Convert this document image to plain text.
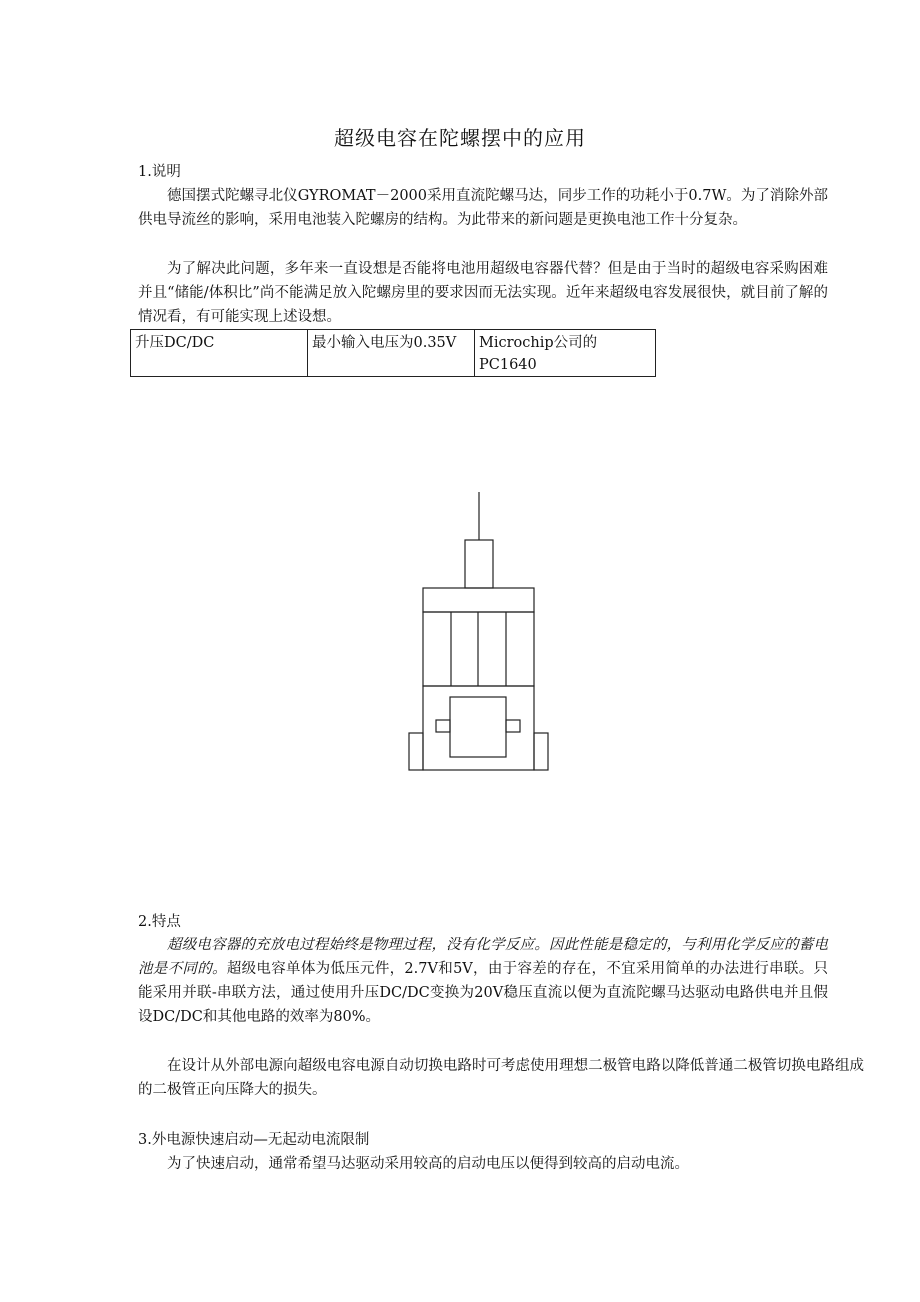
超级电容在陀螺摆中的应用
1.说明

德国摆式陀螺寻北仪GYROMAT－2000采用直流陀螺马达，同步工作的功耗小于0.7W。为了消除外部供电导流丝的影响，采用电池装入陀螺房的结构。为此带来的新问题是更换电池工作十分复杂。

为了解决此问题，多年来一直设想是否能将电池用超级电容器代替？但是由于当时的超级电容采购困难并且“储能/体积比”尚不能满足放入陀螺房里的要求因而无法实现。近年来超级电容发展很快，就目前了解的情况看，有可能实现上述设想。

升压DC/DC	最小输入电压为0.35V	Microchip公司的PC1640
2.特点

超级电容器的充放电过程始终是物理过程，没有化学反应。因此性能是稳定的，与利用化学反应的蓄电池是不同的。超级电容单体为低压元件，2.7V和5V，由于容差的存在，不宜采用简单的办法进行串联。只能采用并联-串联方法，通过使用升压DC/DC变换为20V稳压直流以便为直流陀螺马达驱动电路供电并且假设DC/DC和其他电路的效率为80%。

在设计从外部电源向超级电容电源自动切换电路时可考虑使用理想二极管电路以降低普通二极管切换电路组成的二极管正向压降大的损失。

3.外电源快速启动—无起动电流限制

为了快速启动，通常希望马达驱动采用较高的启动电压以便得到较高的启动电流。
